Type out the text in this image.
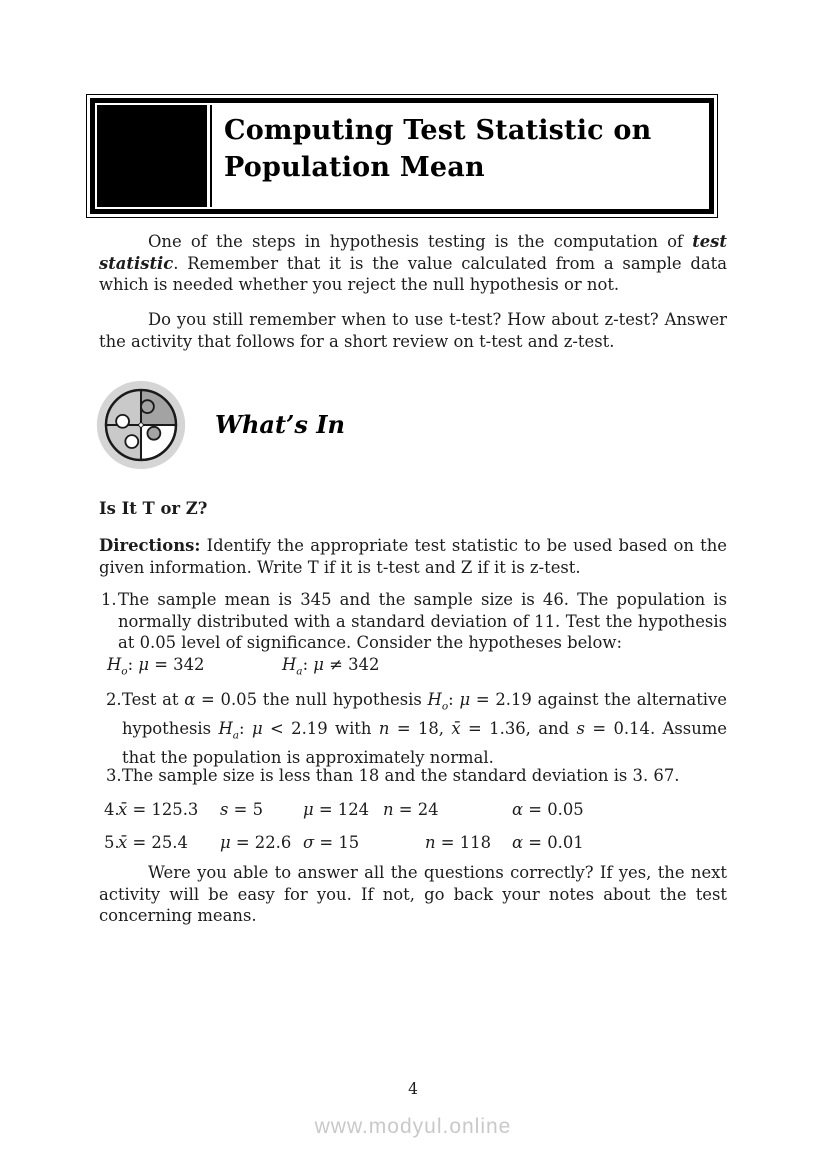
Computing Test Statistic on
Population Mean

One of the steps in hypothesis testing is the computation of test statistic. Remember that it is the value calculated from a sample data which is needed whether you reject the null hypothesis or not.

Do you still remember when to use t-test? How about z-test? Answer the activity that follows for a short review on t-test and z-test.

What’s In
Is It T or Z?

Directions: Identify the appropriate test statistic to be used based on the given information. Write T if it is t-test and Z if it is z-test.

1. The sample mean is 345 and the sample size is 46. The population is normally distributed with a standard deviation of 11. Test the hypothesis at 0.05 level of significance. Consider the hypotheses below:
$H_o$: μ = 342	$H_a$: μ ≠ 342
2. Test at α = 0.05 the null hypothesis $H_o$: μ = 2.19 against the alternative hypothesis $H_a$: μ < 2.19 with n = 18, x̄ = 1.36, and s = 0.14. Assume that the population is approximately normal.
3. The sample size is less than 18 and the standard deviation is 3. 67.
4.
x̄ = 125.3 s = 5 μ = 124 n = 24	α = 0.05
5.
x̄ = 25.4 μ = 22.6 σ = 15	n = 118 α = 0.01

Were you able to answer all the questions correctly? If yes, the next activity will be easy for you. If not, go back your notes about the test concerning means.

4
www.modyul.online
